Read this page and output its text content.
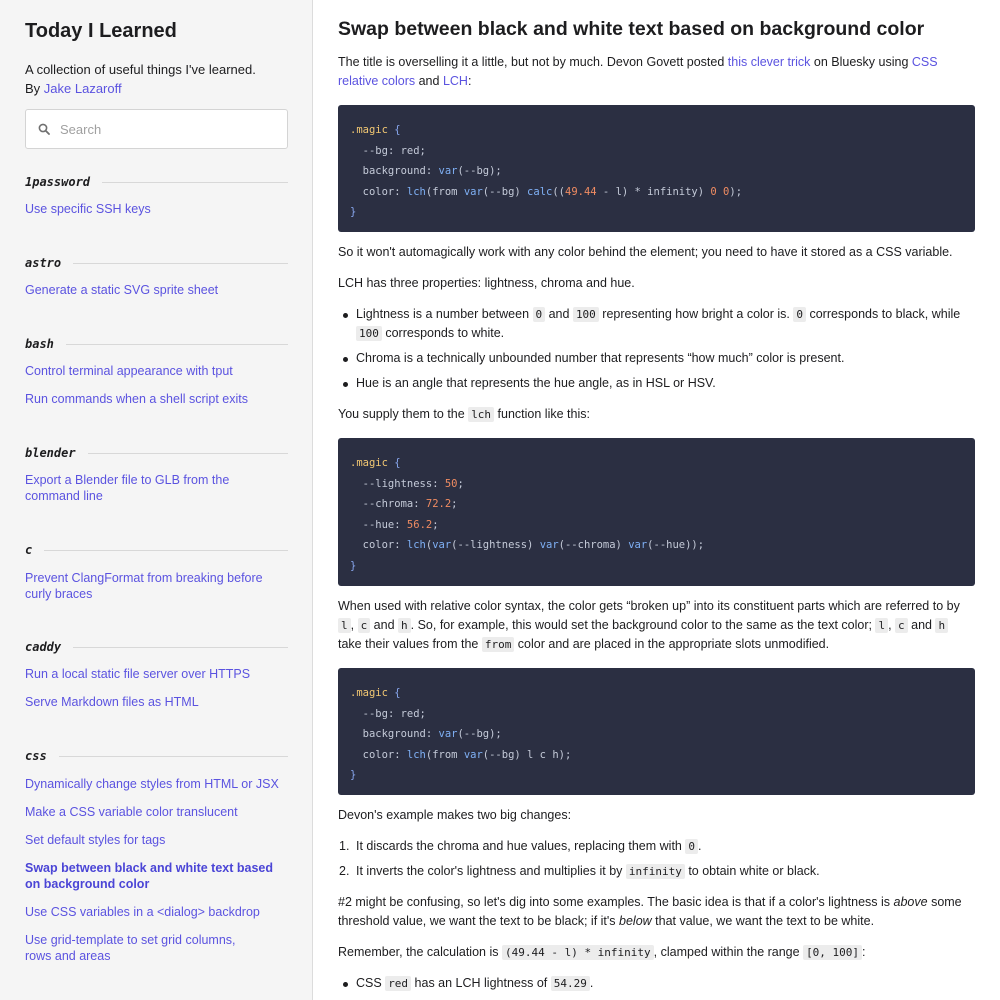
Today I Learned
A collection of useful things I've learned.
By Jake Lazaroff
Search
1password
Use specific SSH keys
astro
Generate a static SVG sprite sheet
bash
Control terminal appearance with tput
Run commands when a shell script exits
blender
Export a Blender file to GLB from the command line
c
Prevent ClangFormat from breaking before curly braces
caddy
Run a local static file server over HTTPS
Serve Markdown files as HTML
css
Dynamically change styles from HTML or JSX
Make a CSS variable color translucent
Set default styles for tags
Swap between black and white text based on background color
Use CSS variables in a <dialog> backdrop
Use grid-template to set grid columns, rows and areas
Swap between black and white text based on background color

The title is overselling it a little, but not by much. Devon Govett posted this clever trick on Bluesky using CSS relative colors and LCH:

.magic {
--bg: red;
background: var(--bg);
color: lch(from var(--bg) calc((49.44 - l) * infinity) 0 0);
}

So it won't automagically work with any color behind the element; you need to have it stored as a CSS variable.

LCH has three properties: lightness, chroma and hue.

Lightness is a number between 0 and 100 representing how bright a color is. 0 corresponds to black, while 100 corresponds to white.
Chroma is a technically unbounded number that represents “how much” color is present.
Hue is an angle that represents the hue angle, as in HSL or HSV.

You supply them to the lch function like this:

.magic {
--lightness: 50;
--chroma: 72.2;
--hue: 56.2;
color: lch(var(--lightness) var(--chroma) var(--hue));
}

When used with relative color syntax, the color gets “broken up” into its constituent parts which are referred to by l , c and h . So, for example, this would set the background color to the same as the text color; l , c and h take their values from the from color and are placed in the appropriate slots unmodified.

.magic {
--bg: red;
background: var(--bg);
color: lch(from var(--bg) l c h);
}

Devon's example makes two big changes:

1. It discards the chroma and hue values, replacing them with 0 .
2. It inverts the color's lightness and multiplies it by infinity to obtain white or black.

#2 might be confusing, so let's dig into some examples. The basic idea is that if a color's lightness is above some threshold value, we want the text to be black; if it's below that value, we want the text to be white.

Remember, the calculation is (49.44 - l) * infinity , clamped within the range [0, 100] :

CSS red has an LCH lightness of 54.29 .
